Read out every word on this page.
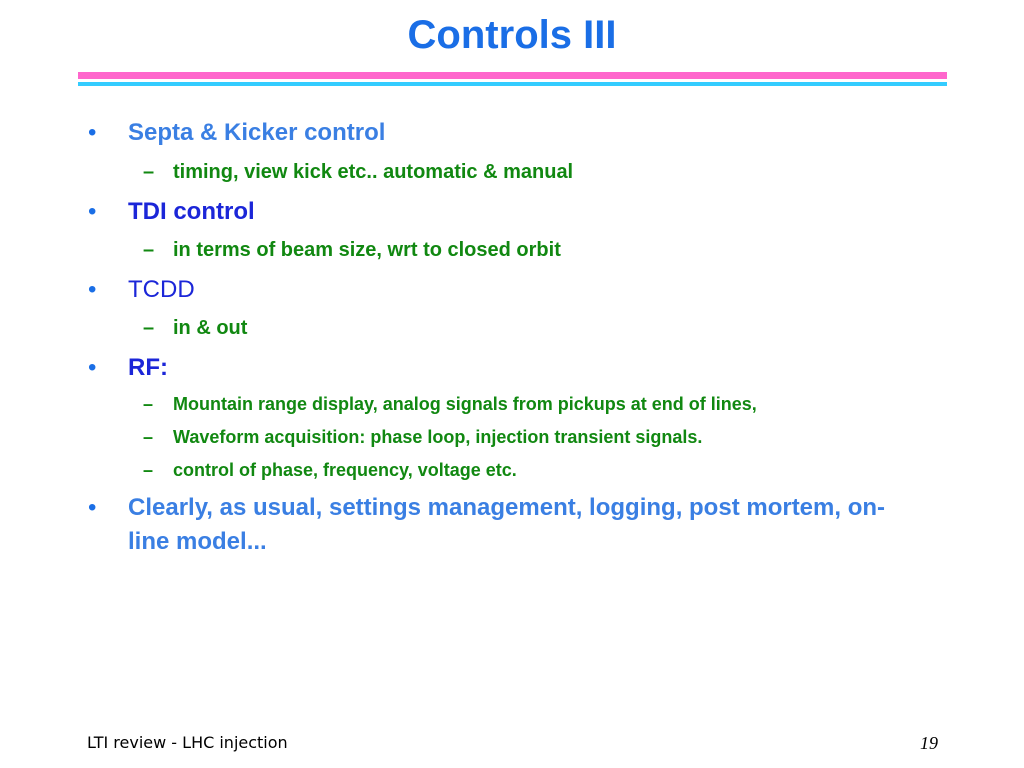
Controls III
• Septa & Kicker control
– timing, view kick etc.. automatic & manual
• TDI control
– in terms of beam size, wrt to closed orbit
• TCDD
– in & out
• RF:
– Mountain range display, analog signals from pickups at end of lines,
– Waveform acquisition: phase loop, injection transient signals.
– control of phase, frequency, voltage etc.
• Clearly, as usual, settings management, logging, post mortem, on-line model...
LTI review - LHC injection	19
